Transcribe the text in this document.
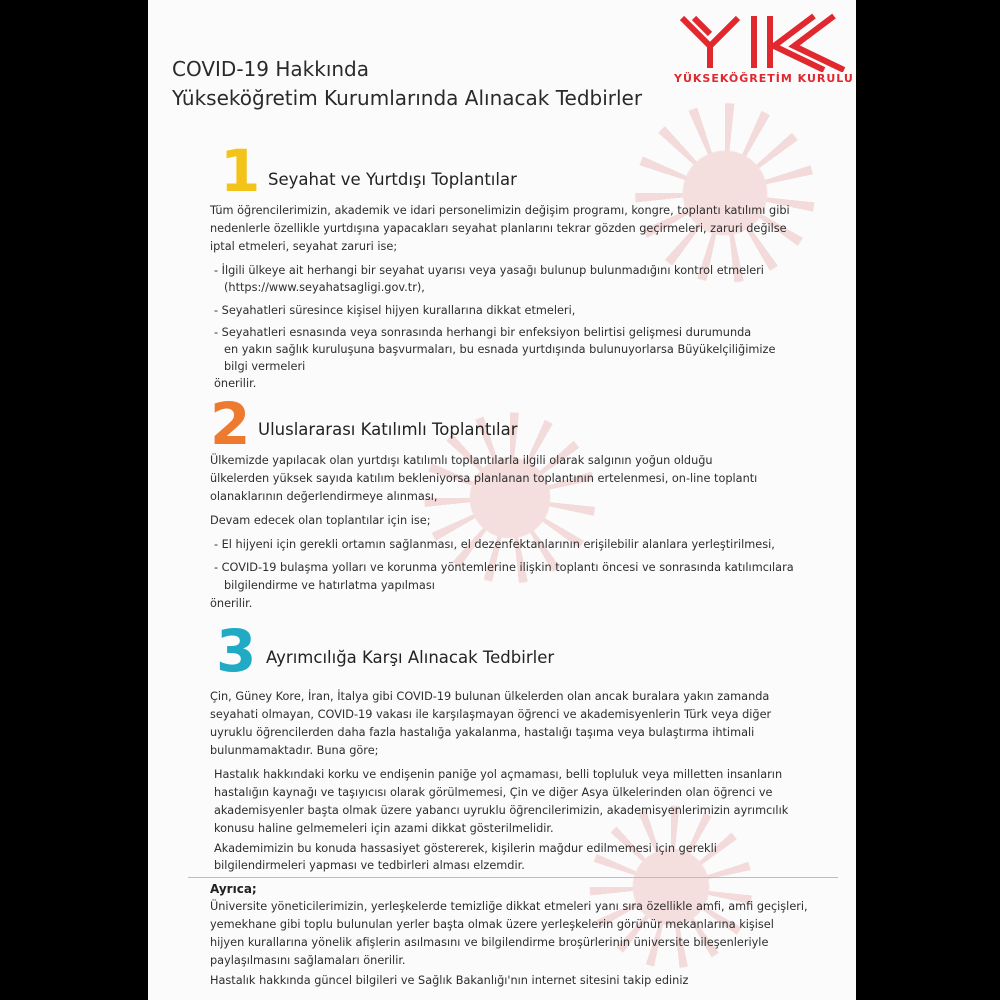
YÜKSEKÖĞRETİM KURULU
COVID-19 Hakkında
Yükseköğretim Kurumlarında Alınacak Tedbirler
1 Seyahat ve Yurtdışı Toplantılar
Tüm öğrencilerimizin, akademik ve idari personelimizin değişim programı, kongre, toplantı katılımı gibi
nedenlerle özellikle yurtdışına yapacakları seyahat planlarını tekrar gözden geçirmeleri, zaruri değilse
iptal etmeleri, seyahat zaruri ise;
- İlgili ülkeye ait herhangi bir seyahat uyarısı veya yasağı bulunup bulunmadığını kontrol etmeleri
(https://www.seyahatsagligi.gov.tr),
- Seyahatleri süresince kişisel hijyen kurallarına dikkat etmeleri,
- Seyahatleri esnasında veya sonrasında herhangi bir enfeksiyon belirtisi gelişmesi durumunda
en yakın sağlık kuruluşuna başvurmaları, bu esnada yurtdışında bulunuyorlarsa Büyükelçiliğimize
bilgi vermeleri
önerilir.
2 Uluslararası Katılımlı Toplantılar
Ülkemizde yapılacak olan yurtdışı katılımlı toplantılarla ilgili olarak salgının yoğun olduğu
ülkelerden yüksek sayıda katılım bekleniyorsa planlanan toplantının ertelenmesi, on-line toplantı
olanaklarının değerlendirmeye alınması,
Devam edecek olan toplantılar için ise;
- El hijyeni için gerekli ortamın sağlanması, el dezenfektanlarının erişilebilir alanlara yerleştirilmesi,
- COVID-19 bulaşma yolları ve korunma yöntemlerine ilişkin toplantı öncesi ve sonrasında katılımcılara
bilgilendirme ve hatırlatma yapılması
önerilir.
3 Ayrımcılığa Karşı Alınacak Tedbirler
Çin, Güney Kore, İran, İtalya gibi COVID-19 bulunan ülkelerden olan ancak buralara yakın zamanda
seyahati olmayan, COVID-19 vakası ile karşılaşmayan öğrenci ve akademisyenlerin Türk veya diğer
uyruklu öğrencilerden daha fazla hastalığa yakalanma, hastalığı taşıma veya bulaştırma ihtimali
bulunmamaktadır. Buna göre;
Hastalık hakkındaki korku ve endişenin paniğe yol açmaması, belli topluluk veya milletten insanların
hastalığın kaynağı ve taşıyıcısı olarak görülmemesi, Çin ve diğer Asya ülkelerinden olan öğrenci ve
akademisyenler başta olmak üzere yabancı uyruklu öğrencilerimizin, akademisyenlerimizin ayrımcılık
konusu haline gelmemeleri için azami dikkat gösterilmelidir.
Akademimizin bu konuda hassasiyet göstererek, kişilerin mağdur edilmemesi için gerekli
bilgilendirmeleri yapması ve tedbirleri alması elzemdir.
Ayrıca;
Üniversite yöneticilerimizin, yerleşkelerde temizliğe dikkat etmeleri yanı sıra özellikle amfi, amfi geçişleri,
yemekhane gibi toplu bulunulan yerler başta olmak üzere yerleşkelerin görünür mekanlarına kişisel
hijyen kurallarına yönelik afişlerin asılmasını ve bilgilendirme broşürlerinin üniversite bileşenleriyle
paylaşılmasını sağlamaları önerilir.
Hastalık hakkında güncel bilgileri ve Sağlık Bakanlığı'nın internet sitesini takip ediniz
